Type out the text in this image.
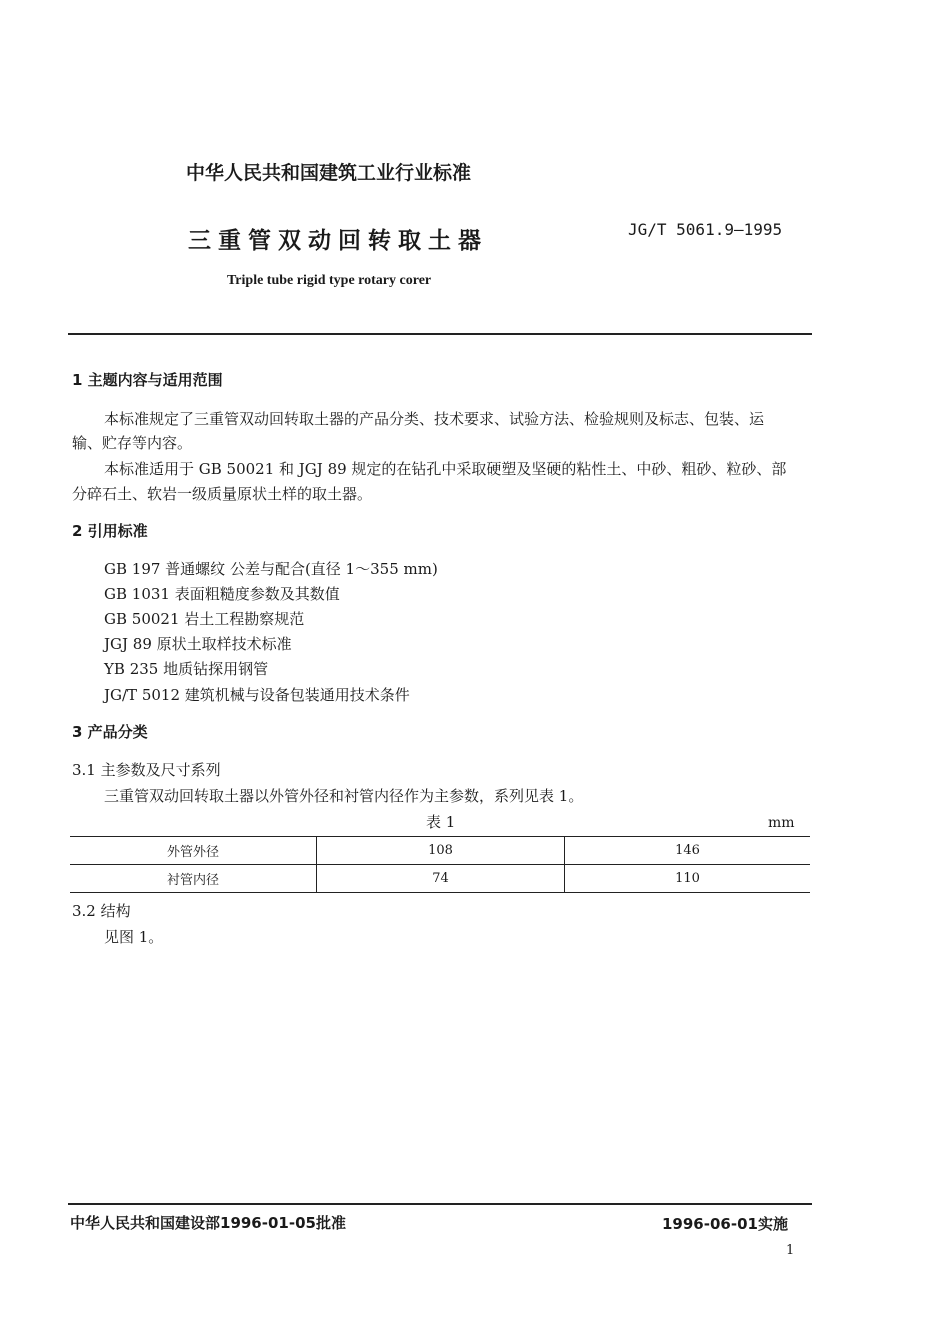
中华人民共和国建筑工业行业标准
三重管双动回转取土器	JG/T 5061.9—1995
Triple tube rigid type rotary corer
1 主题内容与适用范围
本标准规定了三重管双动回转取土器的产品分类、技术要求、试验方法、检验规则及标志、包装、运
输、贮存等内容。
本标准适用于 GB 50021 和 JGJ 89 规定的在钻孔中采取硬塑及坚硬的粘性土、中砂、粗砂、粒砂、部
分碎石土、软岩一级质量原状土样的取土器。
2 引用标准
GB 197 普通螺纹 公差与配合(直径 1～355 mm)
GB 1031 表面粗糙度参数及其数值
GB 50021 岩土工程勘察规范
JGJ 89 原状土取样技术标准
YB 235 地质钻探用钢管
JG/T 5012 建筑机械与设备包装通用技术条件
3 产品分类
3.1 主参数及尺寸系列
三重管双动回转取土器以外管外径和衬管内径作为主参数，系列见表 1。
表 1	mm
外管外径	108	146
衬管内径	74	110
3.2 结构
见图 1。
中华人民共和国建设部1996-01-05批准	1996-06-01实施
1
